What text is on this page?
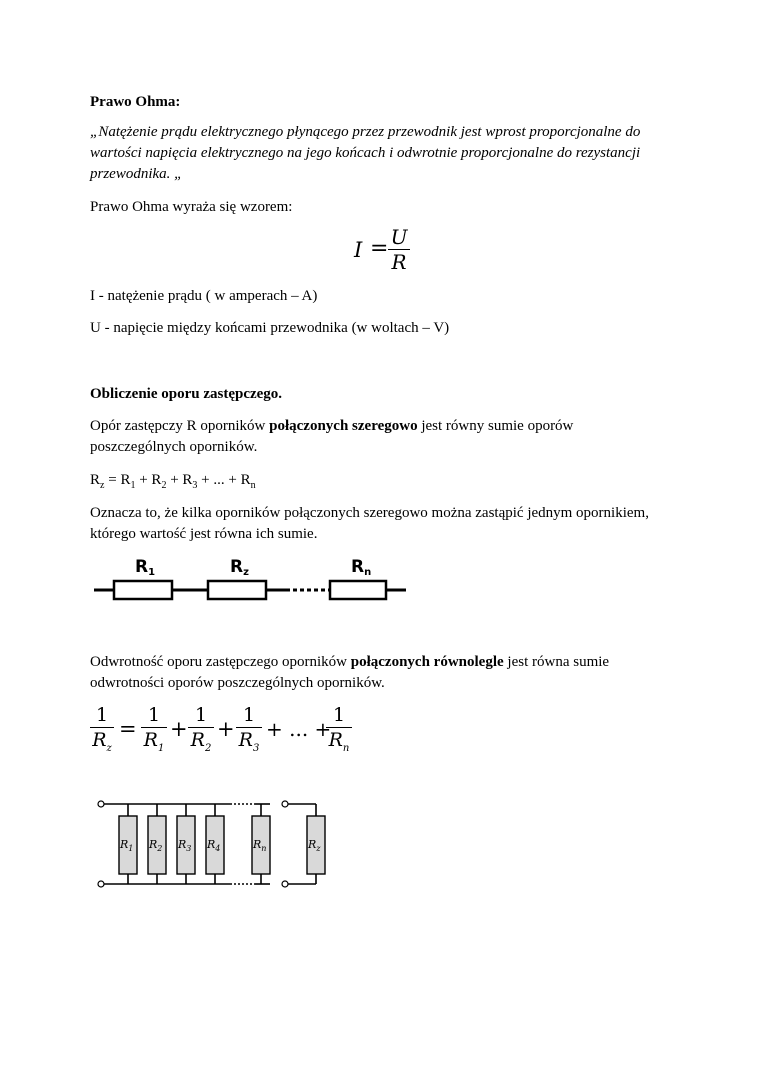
Prawo Ohma:

„Natężenie prądu elektrycznego płynącego przez przewodnik jest wprost proporcjonalne do wartości napięcia elektrycznego na jego końcach i odwrotnie proporcjonalne do rezystancji przewodnika. „

Prawo Ohma wyraża się wzorem:

I = U
R

I - natężenie prądu ( w amperach – A)

U - napięcie między końcami przewodnika (w woltach – V)

Obliczenie oporu zastępczego.

Opór zastępczy R oporników połączonych szeregowo jest równy sumie oporów poszczególnych oporników.

$R_z = R_1 + R_2 + R_3$ + ... + $R_n$

Oznacza to, że kilka oporników połączonych szeregowo można zastąpić jednym opornikiem, którego wartość jest równa ich sumie.

R1	Rz	Rn

Odwrotność oporu zastępczego oporników połączonych równolegle jest równa sumie odwrotności oporów poszczególnych oporników.

1
$R_z$
=
1
$R_1$
+
1
$R_2$
+
1
$R_3$
+ ... +
1
$R_n$
$R_1$ $R_2$ $R_3$ $R_4$	$R_n$	$R_z$
